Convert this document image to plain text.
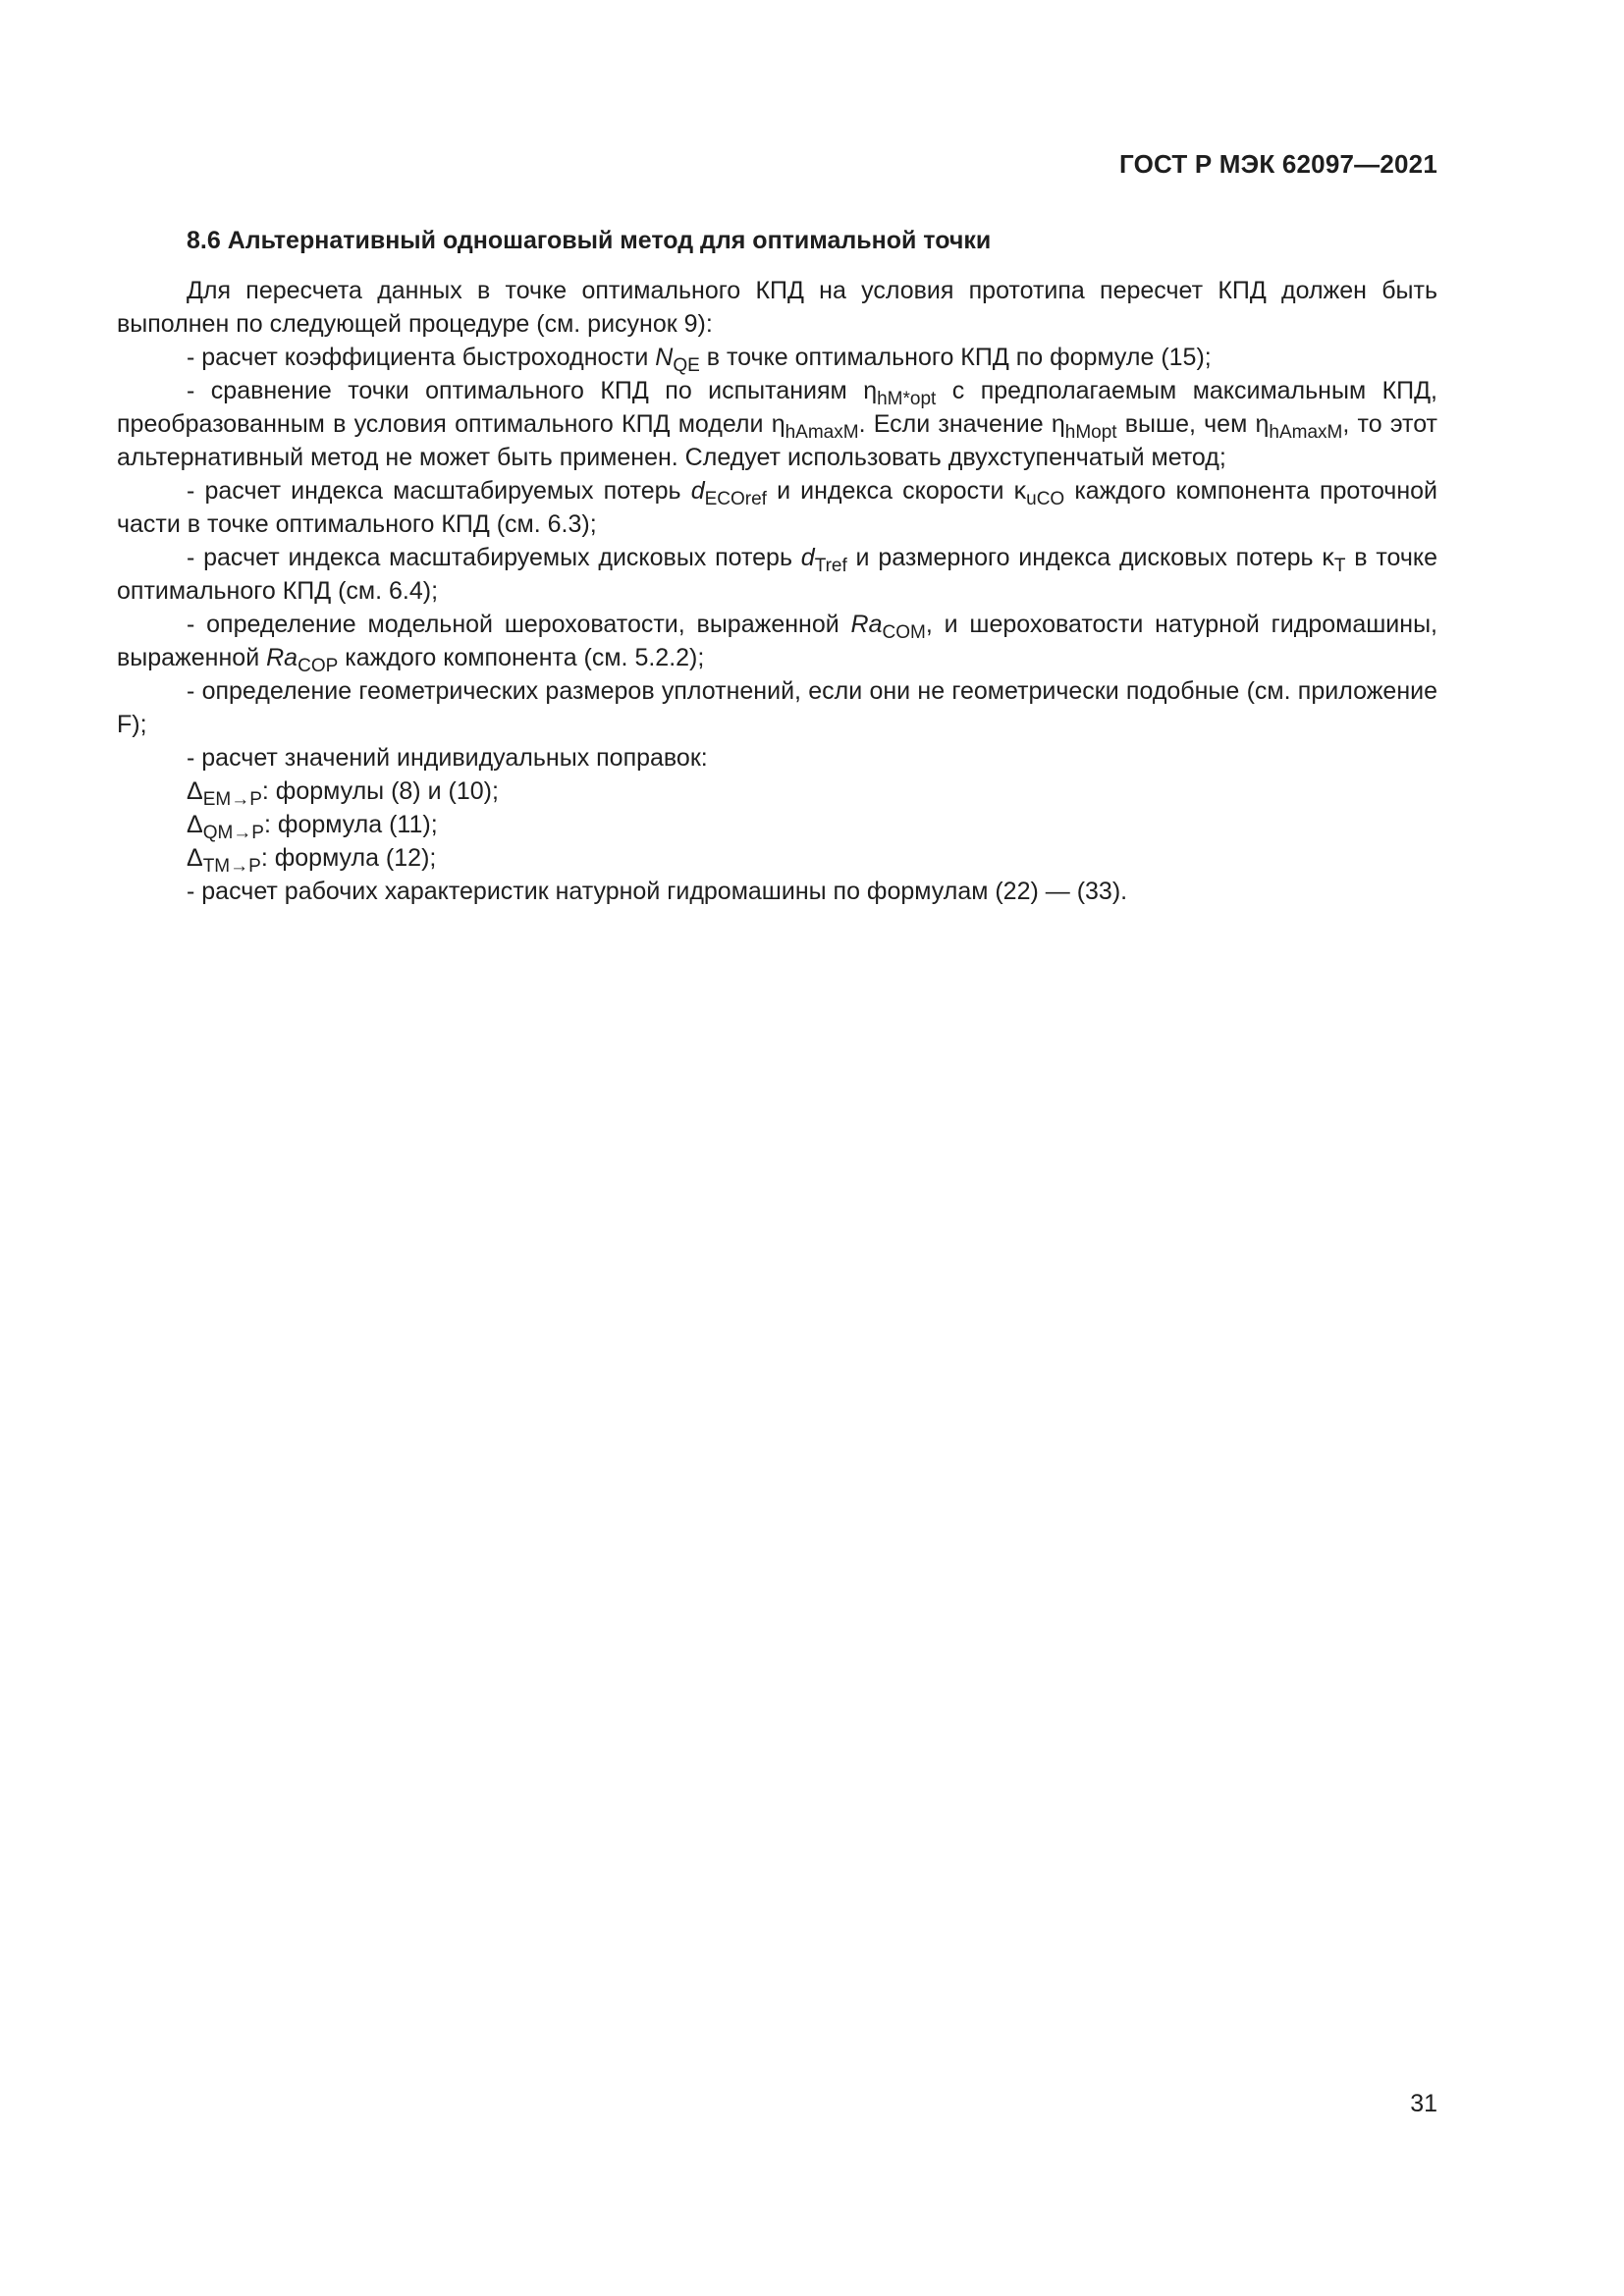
ГОСТ Р МЭК 62097—2021
8.6 Альтернативный одношаговый метод для оптимальной точки

Для пересчета данных в точке оптимального КПД на условия прототипа пересчет КПД должен быть выполнен по следующей процедуре (см. рисунок 9):

- расчет коэффициента быстроходности $N_{QE}$ в точке оптимального КПД по формуле (15);

- сравнение точки оптимального КПД по испытаниям $\eta_{hM*opt}$ с предполагаемым максимальным КПД, преобразованным в условия оптимального КПД модели $\eta_{hAmaxM}$. Если значение $\eta_{hMopt}$ выше, чем $\eta_{hAmaxM}$, то этот альтернативный метод не может быть применен. Следует использовать двухступенчатый метод;

- расчет индекса масштабируемых потерь $d_{ECOref}$ и индекса скорости $\kappa_{uCO}$ каждого компонента проточной части в точке оптимального КПД (см. 6.3);

- расчет индекса масштабируемых дисковых потерь $d_{Tref}$ и размерного индекса дисковых потерь $\kappa_T$ в точке оптимального КПД (см. 6.4);

- определение модельной шероховатости, выраженной $Ra_{COM}$, и шероховатости натурной гидромашины, выраженной $Ra_{COP}$ каждого компонента (см. 5.2.2);

- определение геометрических размеров уплотнений, если они не геометрически подобные (см. приложение F);

- расчет значений индивидуальных поправок:

$\Delta_{EM\to P}$: формулы (8) и (10);

$\Delta_{QM\to P}$: формула (11);

$\Delta_{TM\to P}$: формула (12);

- расчет рабочих характеристик натурной гидромашины по формулам (22) — (33).

31
